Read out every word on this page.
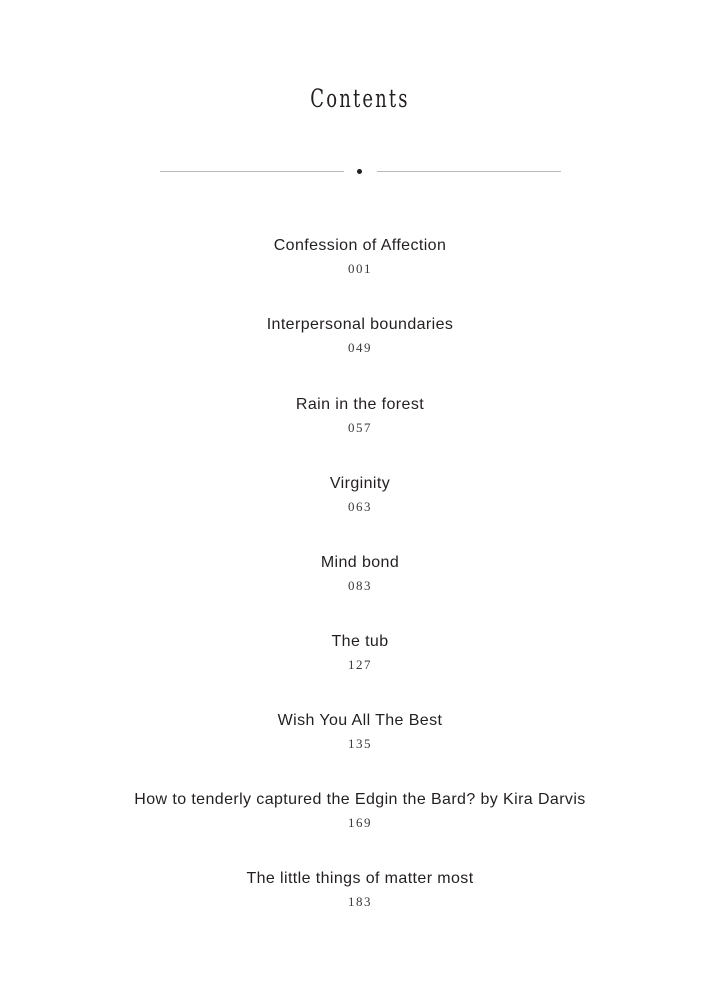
Contents
Confession of Affection
001
Interpersonal boundaries
049
Rain in the forest
057
Virginity
063
Mind bond
083
The tub
127
Wish You All The Best
135
How to tenderly captured the Edgin the Bard? by Kira Darvis
169
The little things of matter most
183
